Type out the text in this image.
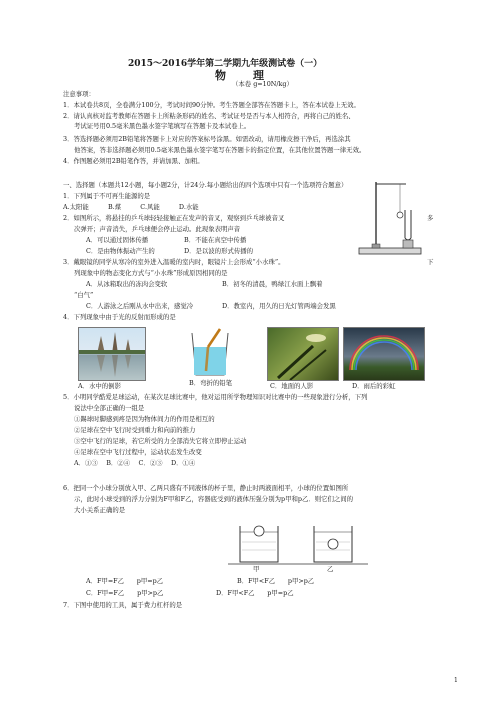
2015～2016学年第二学期九年级测试卷（一）
物　理
（本卷 g=10N/kg）
注意事项：
1．本试卷共8页，全卷满分100分，考试时间90分钟。考生答题全部答在答题卡上，答在本试卷上无效。
2．请认真核对监考教师在答题卡上所粘条形码的姓名、考试证号是否与本人相符合，再将自己的姓名、
考试证号用0.5毫米黑色墨水签字笔填写在答题卡及本试卷上。
3．答选择题必须用2B铅笔将答题卡上对应的答案标号涂黑。如需改动，请用橡皮擦干净后，再选涂其
他答案，答非选择题必须用0.5毫米黑色墨水签字笔写在答题卡的指定位置，在其他位置答题一律无效。
4．作图题必须用2B铅笔作答，并请加黑、加粗。
一、选择题（本题共12小题，每小题2分，计24分.每小题给出的四个选项中只有一个选项符合题意）
1．下列属于不可再生能源的是
A.太阳能　　　B.煤　　　C.风能　　　D.水能
2．如图所示，将悬挂的乒乓球轻轻接触正在发声的音叉，观察到乒乓球被音叉	多
次弹开；声音消失，乒乓球便会停止运动。此现象表明声音
A．可以通过固体传播	B．不能在真空中传播
C．是由物体振动产生的	D．是以波的形式传播的
3．戴眼镜的同学从寒冷的室外进入温暖的室内时，眼镜片上会形成“小水珠”。	下
列现象中的物态变化方式与“小水珠”形成原因相同的是
A．从冰箱取出的冻肉会变软	B．初冬的清晨，鸭绿江水面上飘着
“白气”
C．人游泳之后刚从水中出来，感觉冷	D．教室内，用久的日光灯管两端会发黑
4．下列现象中由于光的反射而形成的是
A．水中的倒影	B．弯折的铅笔	C．地面的人影	D．雨后的彩虹
5．小明同学酷爱足球运动，在某次足球比赛中，他对运用所学物理知识对比赛中的一些现象进行分析，下列
说法中全部正确的一组是
①踢球时脚感到疼是因为物体间力的作用是相互的
②足球在空中飞行时受到重力和向前的推力
③空中飞行的足球，若它所受的力全部消失它将立即停止运动
④足球在空中飞行过程中，运动状态发生改变
A．①③　 B．②④　 C．②③　 D．①④
6．把同一个小球分别放入甲、乙两只盛有不同液体的杯子里，静止时两液面相平，小球的位置如图所
示，此时小球受到的浮力分别为F甲和F乙，容器底受到的液体压强分别为p甲和p乙．则它们之间的
大小关系正确的是
甲	乙
A．F甲=F乙　　p甲=p乙	B．F甲<F乙　　p甲>p乙
C．F甲=F乙　　p甲>p乙	D．F甲<F乙　　p甲=p乙
7．下图中使用的工具，属于费力杠杆的是
1
